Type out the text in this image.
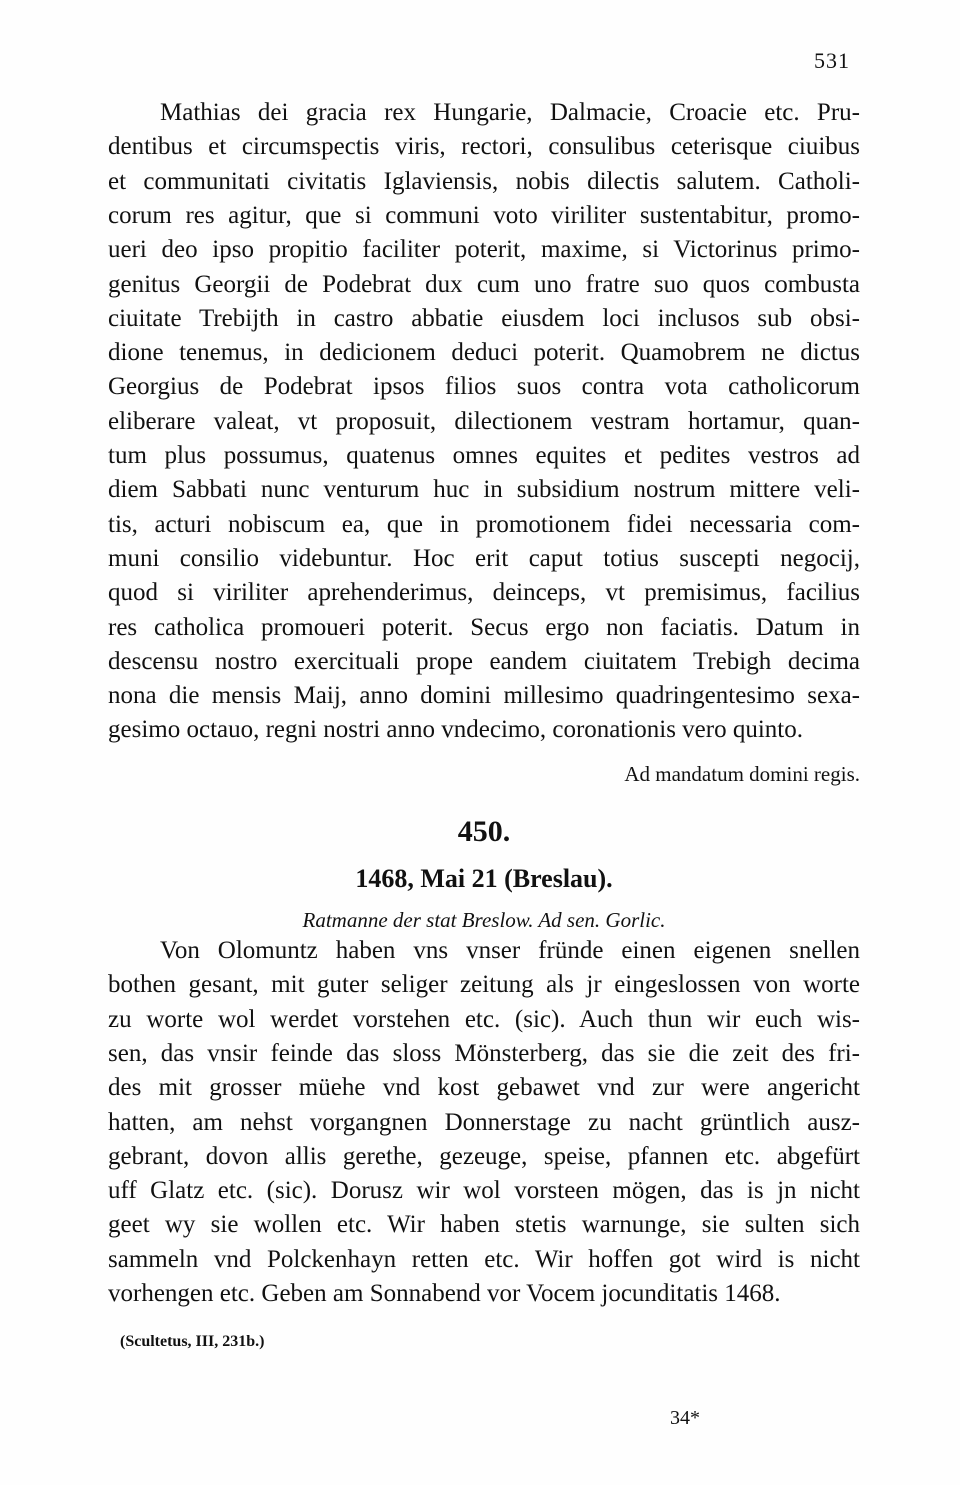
531
Mathias dei gracia rex Hungarie, Dalmacie, Croacie etc. Pru-
dentibus et circumspectis viris, rectori, consulibus ceterisque ciuibus
et communitati civitatis Iglaviensis, nobis dilectis salutem. Catholi-
corum res agitur, que si communi voto viriliter sustentabitur, promo-
ueri deo ipso propitio faciliter poterit, maxime, si Victorinus primo-
genitus Georgii de Podebrat dux cum uno fratre suo quos combusta
ciuitate Trebijth in castro abbatie eiusdem loci inclusos sub obsi-
dione tenemus, in dedicionem deduci poterit. Quamobrem ne dictus
Georgius de Podebrat ipsos filios suos contra vota catholicorum
eliberare valeat, vt proposuit, dilectionem vestram hortamur, quan-
tum plus possumus, quatenus omnes equites et pedites vestros ad
diem Sabbati nunc venturum huc in subsidium nostrum mittere veli-
tis, acturi nobiscum ea, que in promotionem fidei necessaria com-
muni consilio videbuntur. Hoc erit caput totius suscepti negocij,
quod si viriliter aprehenderimus, deinceps, vt premisimus, facilius
res catholica promoueri poterit. Secus ergo non faciatis. Datum in
descensu nostro exercituali prope eandem ciuitatem Trebigh decima
nona die mensis Maij, anno domini millesimo quadringentesimo sexa-
gesimo octauo, regni nostri anno vndecimo, coronationis vero quinto.
Ad mandatum domini regis.
450.
1468, Mai 21 (Breslau).
Ratmanne der stat Breslow. Ad sen. Gorlic.
Von Olomuntz haben vns vnser fründe einen eigenen snellen
bothen gesant, mit guter seliger zeitung als jr eingeslossen von worte
zu worte wol werdet vorstehen etc. (sic). Auch thun wir euch wis-
sen, das vnsir feinde das sloss Mönsterberg, das sie die zeit des fri-
des mit grosser müehe vnd kost gebawet vnd zur were angericht
hatten, am nehst vorgangnen Donnerstage zu nacht grüntlich ausz-
gebrant, dovon allis gerethe, gezeuge, speise, pfannen etc. abgefürt
uff Glatz etc. (sic). Dorusz wir wol vorsteen mögen, das is jn nicht
geet wy sie wollen etc. Wir haben stetis warnunge, sie sulten sich
sammeln vnd Polckenhayn retten etc. Wir hoffen got wird is nicht
vorhengen etc. Geben am Sonnabend vor Vocem jocunditatis 1468.
(Scultetus, III, 231b.)
34*
